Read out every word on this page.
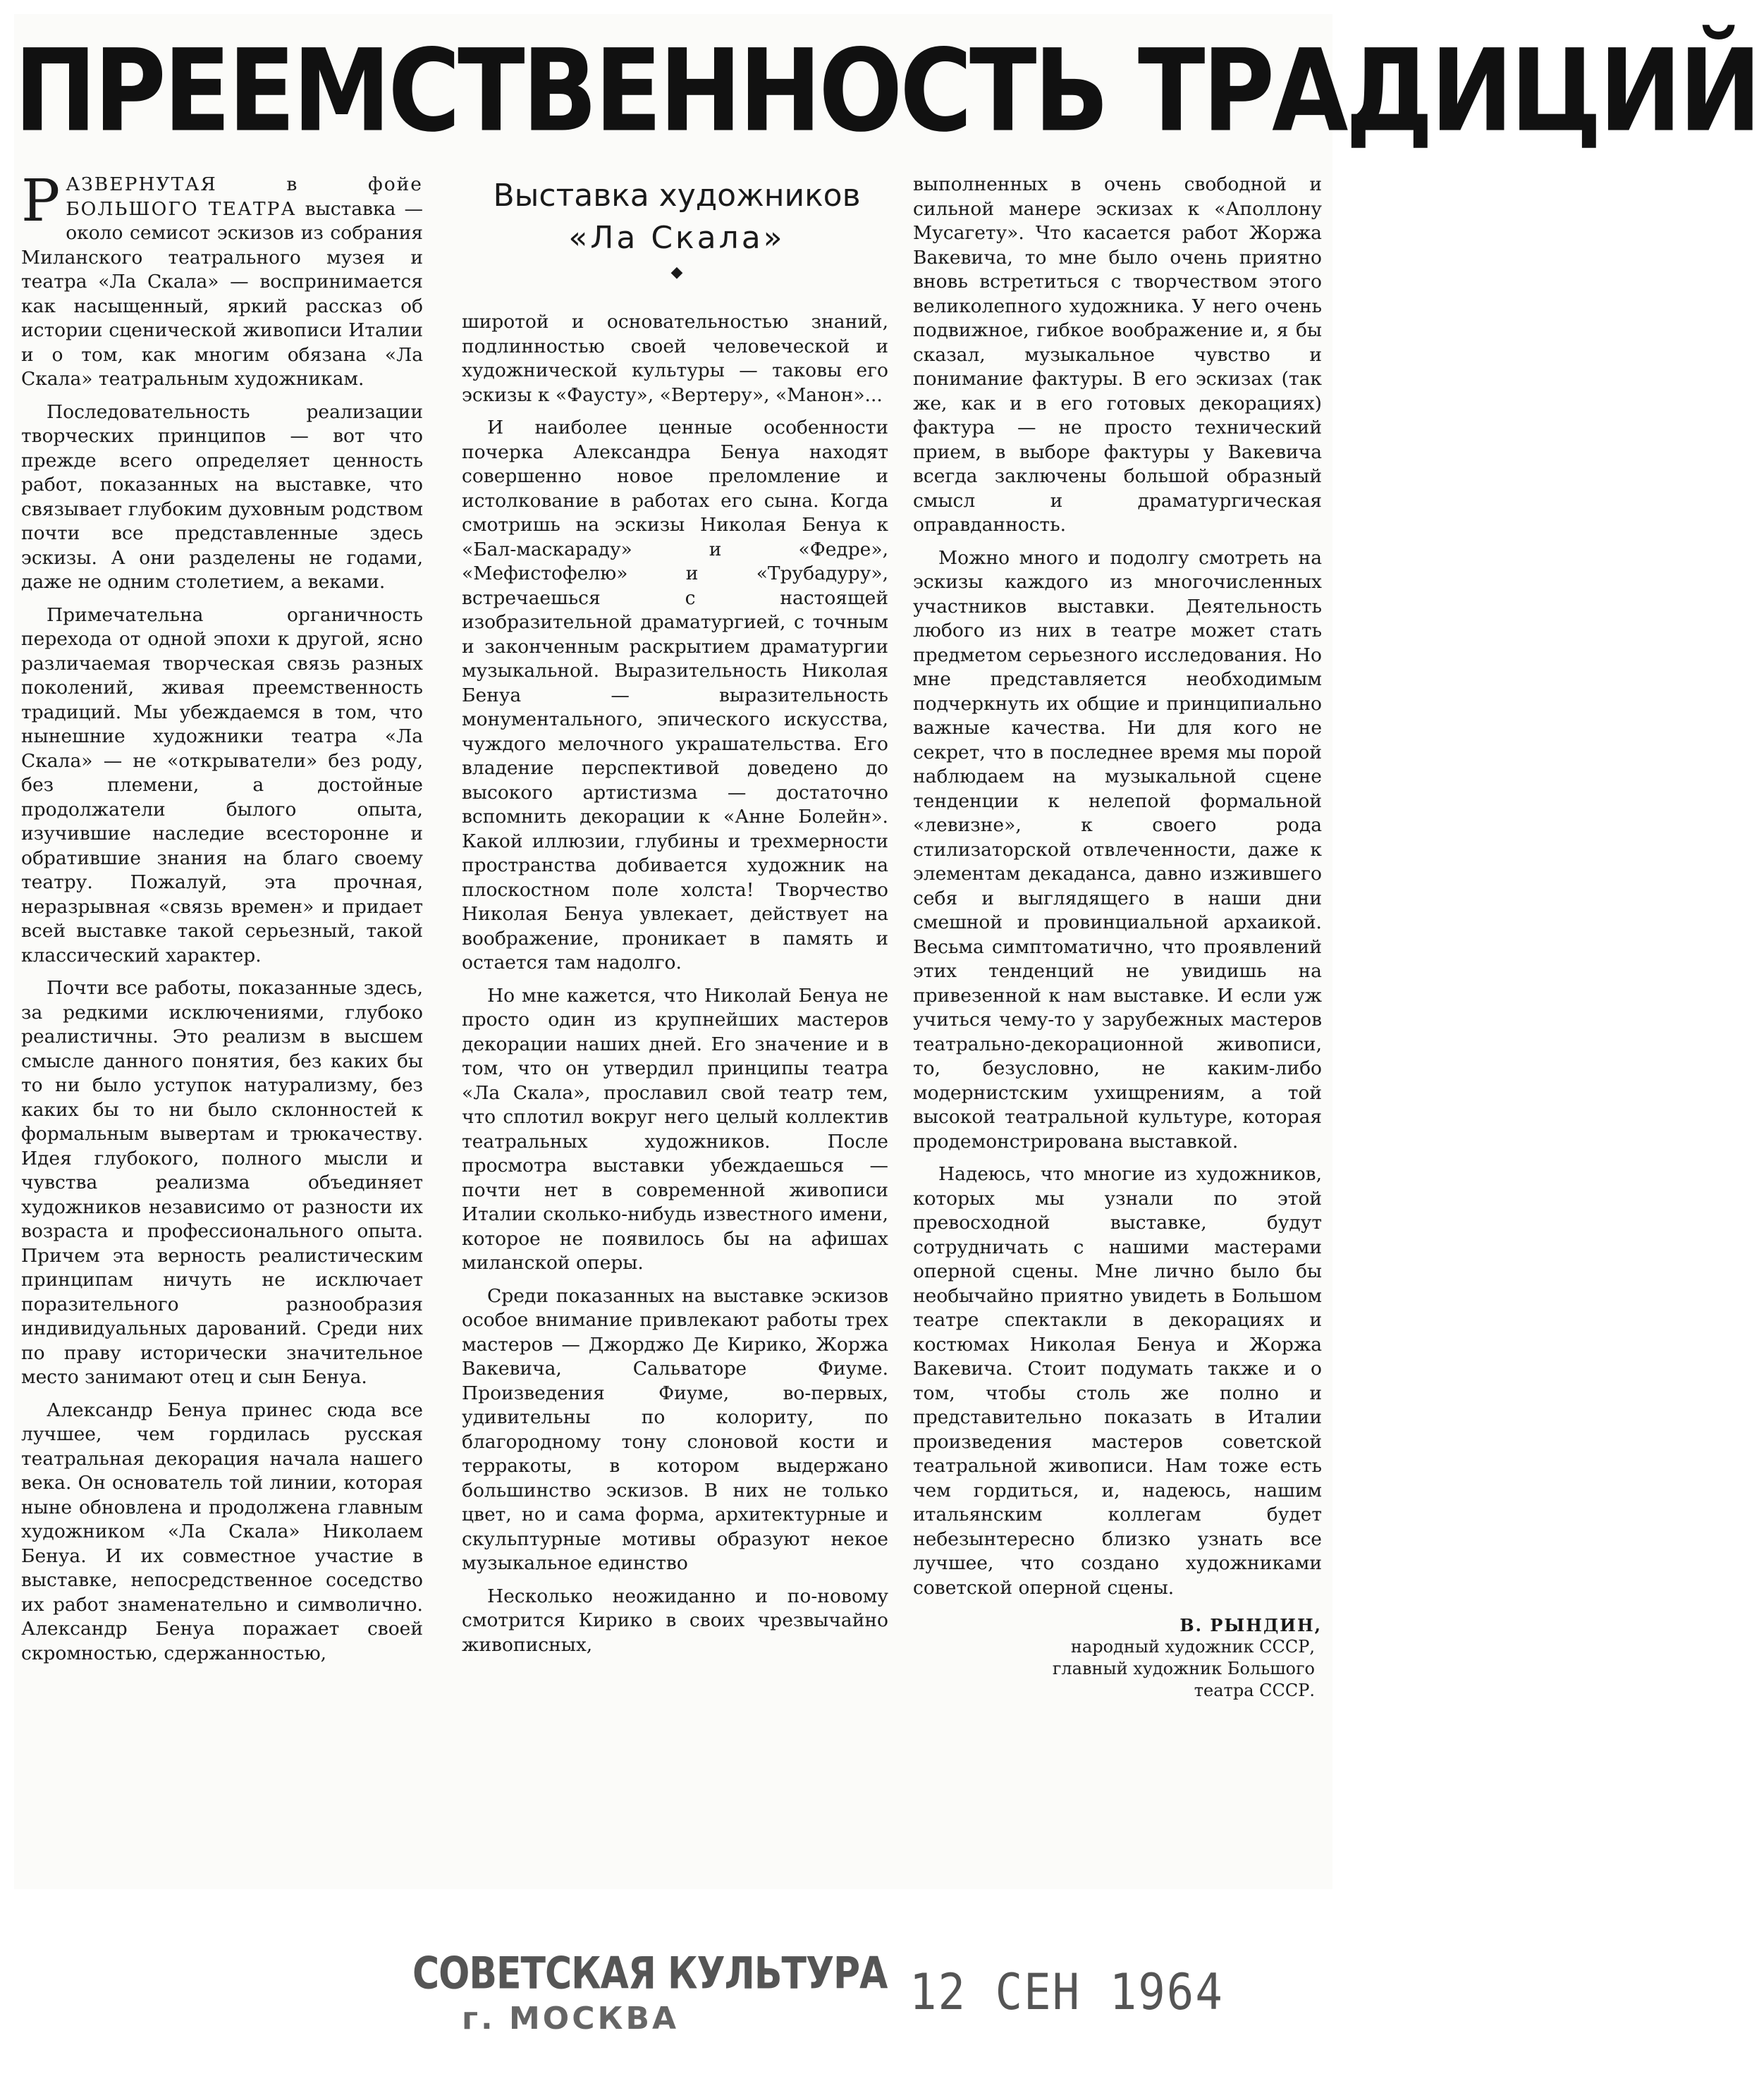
ПРЕЕМСТВЕННОСТЬ ТРАДИЦИЙ
Выставка художников
«Ла Скала»
◆

РАЗВЕРНУТАЯ в фойе БОЛЬШОГО ТЕАТРА выставка — около семисот эскизов из собрания Миланского театрального музея и театра «Ла Скала» — воспринимается как насыщенный, яркий рассказ об истории сценической живописи Италии и о том, как многим обязана «Ла Скала» театральным художникам.

Последовательность реализации творческих принципов — вот что прежде всего определяет ценность работ, показанных на выставке, что связывает глубоким духовным родством почти все представленные здесь эскизы. А они разделены не годами, даже не одним столетием, а веками.

Примечательна органичность перехода от одной эпохи к другой, ясно различаемая творческая связь разных поколений, живая преемственность традиций. Мы убеждаемся в том, что нынешние художники театра «Ла Скала» — не «открыватели» без роду, без племени, а достойные продолжатели былого опыта, изучившие наследие всесторонне и обратившие знания на благо своему театру. Пожалуй, эта прочная, неразрывная «связь времен» и придает всей выставке такой серьезный, такой классический характер.

Почти все работы, показанные здесь, за редкими исключениями, глубоко реалистичны. Это реализм в высшем смысле данного понятия, без каких бы то ни было уступок натурализму, без каких бы то ни было склонностей к формальным вывертам и трюкачеству. Идея глубокого, полного мысли и чувства реализма объединяет художников независимо от разности их возраста и профессионального опыта. Причем эта верность реалистическим принципам ничуть не исключает поразительного разнообразия индивидуальных дарований. Среди них по праву исторически значительное место занимают отец и сын Бенуа.

Александр Бенуа принес сюда все лучшее, чем гордилась русская театральная декорация начала нашего века. Он основатель той линии, которая ныне обновлена и продолжена главным художником «Ла Скала» Николаем Бенуа. И их совместное участие в выставке, непосредственное соседство их работ знаменательно и символично. Александр Бенуа поражает своей скромностью, сдержанностью,

широтой и основательностью знаний, подлинностью своей человеческой и художнической культуры — таковы его эскизы к «Фаусту», «Вертеру», «Манон»...

И наиболее ценные особенности почерка Александра Бенуа находят совершенно новое преломление и истолкование в работах его сына. Когда смотришь на эскизы Николая Бенуа к «Бал-маскараду» и «Федре», «Мефистофелю» и «Трубадуру», встречаешься с настоящей изобразительной драматургией, с точным и законченным раскрытием драматургии музыкальной. Выразительность Николая Бенуа — выразительность монументального, эпического искусства, чуждого мелочного украшательства. Его владение перспективой доведено до высокого артистизма — достаточно вспомнить декорации к «Анне Болейн». Какой иллюзии, глубины и трехмерности пространства добивается художник на плоскостном поле холста! Творчество Николая Бенуа увлекает, действует на воображение, проникает в память и остается там надолго.

Но мне кажется, что Николай Бенуа не просто один из крупнейших мастеров декорации наших дней. Его значение и в том, что он утвердил принципы театра «Ла Скала», прославил свой театр тем, что сплотил вокруг него целый коллектив театральных художников. После просмотра выставки убеждаешься — почти нет в современной живописи Италии сколько-нибудь известного имени, которое не появилось бы на афишах миланской оперы.

Среди показанных на выставке эскизов особое внимание привлекают работы трех мастеров — Джорджо Де Кирико, Жоржа Вакевича, Сальваторе Фиуме. Произведения Фиуме, во-первых, удивительны по колориту, по благородному тону слоновой кости и терракоты, в котором выдержано большинство эскизов. В них не только цвет, но и сама форма, архитектурные и скульптурные мотивы образуют некое музыкальное единство

Несколько неожиданно и по-новому смотрится Кирико в своих чрезвычайно живописных,

выполненных в очень свободной и сильной манере эскизах к «Аполлону Мусагету». Что касается работ Жоржа Вакевича, то мне было очень приятно вновь встретиться с творчеством этого великолепного художника. У него очень подвижное, гибкое воображение и, я бы сказал, музыкальное чувство и понимание фактуры. В его эскизах (так же, как и в его готовых декорациях) фактура — не просто технический прием, в выборе фактуры у Вакевича всегда заключены большой образный смысл и драматургическая оправданность.

Можно много и подолгу смотреть на эскизы каждого из многочисленных участников выставки. Деятельность любого из них в театре может стать предметом серьезного исследования. Но мне представляется необходимым подчеркнуть их общие и принципиально важные качества. Ни для кого не секрет, что в последнее время мы порой наблюдаем на музыкальной сцене тенденции к нелепой формальной «левизне», к своего рода стилизаторской отвлеченности, даже к элементам декаданса, давно изжившего себя и выглядящего в наши дни смешной и провинциальной архаикой. Весьма симптоматично, что проявлений этих тенденций не увидишь на привезенной к нам выставке. И если уж учиться чему-то у зарубежных мастеров театрально-декорационной живописи, то, безусловно, не каким-либо модернистским ухищрениям, а той высокой театральной культуре, которая продемонстрирована выставкой.

Надеюсь, что многие из художников, которых мы узнали по этой превосходной выставке, будут сотрудничать с нашими мастерами оперной сцены. Мне лично было бы необычайно приятно увидеть в Большом театре спектакли в декорациях и костюмах Николая Бенуа и Жоржа Вакевича. Стоит подумать также и о том, чтобы столь же полно и представительно показать в Италии произведения мастеров советской театральной живописи. Нам тоже есть чем гордиться, и, надеюсь, нашим итальянским коллегам будет небезынтересно близко узнать все лучшее, что создано художниками советской оперной сцены.

В. РЫНДИН,
народный художник СССР,
главный художник Большого
театра СССР.
СОВЕТСКАЯ КУЛЬТУРА
г. МОСКВА	12 СЕН 1964
